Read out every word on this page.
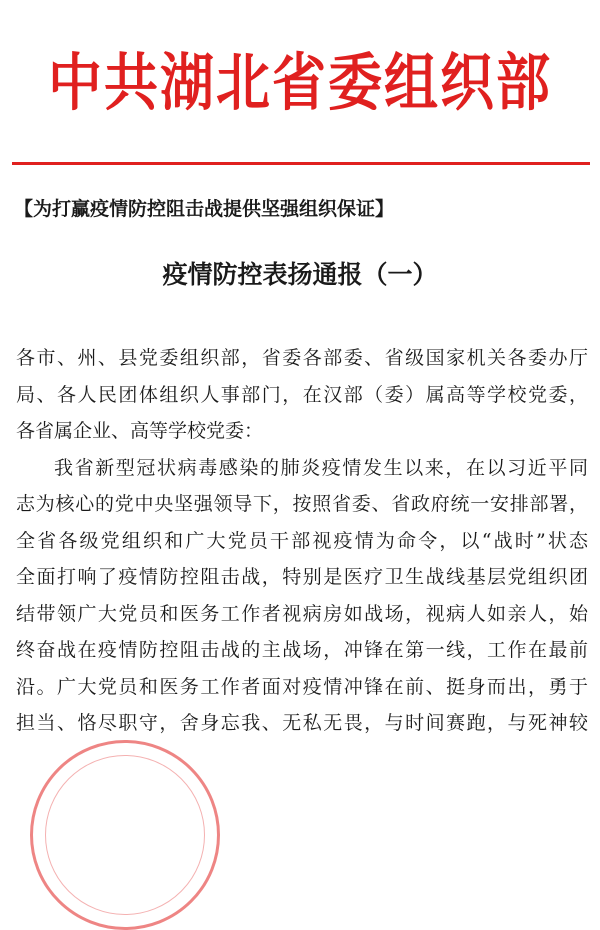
中共湖北省委组织部
【为打赢疫情防控阻击战提供坚强组织保证】
疫情防控表扬通报（一）
各市、州、县党委组织部，省委各部委、省级国家机关各委办厅
局、各人民团体组织人事部门，在汉部（委）属高等学校党委，
各省属企业、高等学校党委：
我省新型冠状病毒感染的肺炎疫情发生以来，在以习近平同
志为核心的党中央坚强领导下，按照省委、省政府统一安排部署，
全省各级党组织和广大党员干部视疫情为命令，以“战时”状态
全面打响了疫情防控阻击战，特别是医疗卫生战线基层党组织团
结带领广大党员和医务工作者视病房如战场，视病人如亲人，始
终奋战在疫情防控阻击战的主战场，冲锋在第一线，工作在最前
沿。广大党员和医务工作者面对疫情冲锋在前、挺身而出，勇于
担当、恪尽职守，舍身忘我、无私无畏，与时间赛跑，与死神较
